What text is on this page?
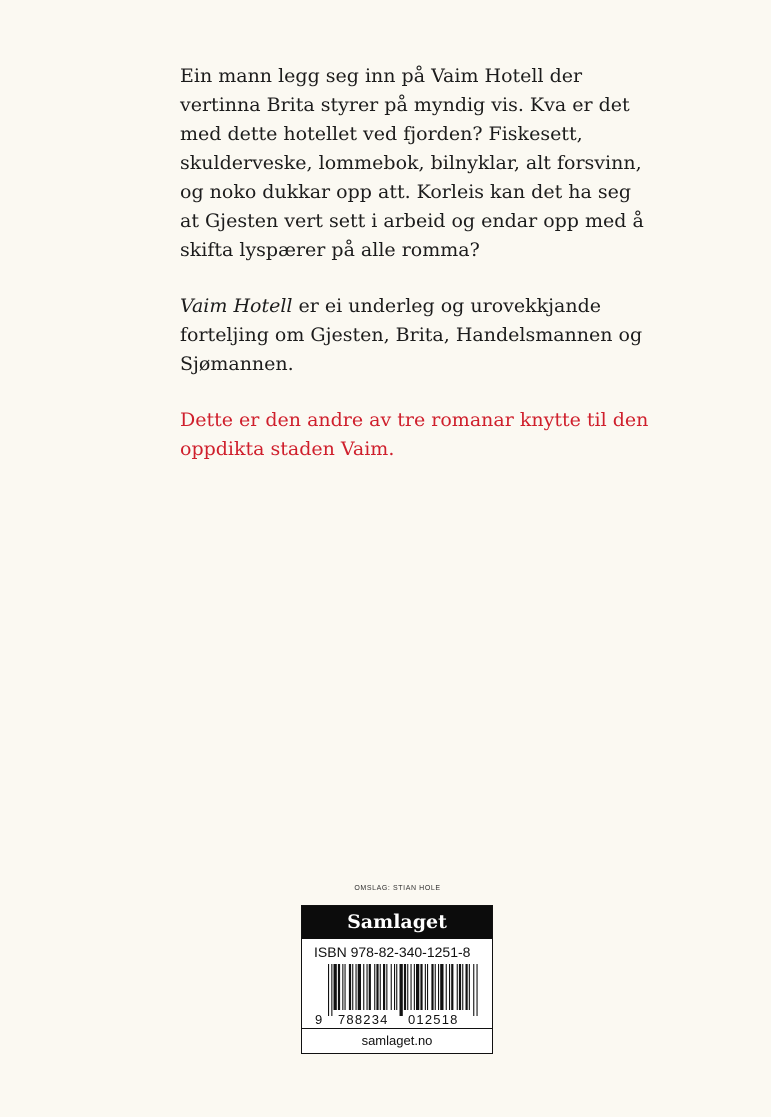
Ein mann legg seg inn på Vaim Hotell der vertinna Brita styrer på myndig vis. Kva er det med dette hotellet ved fjorden? Fiskesett, skulderveske, lommebok, bilnyklar, alt forsvinn, og noko dukkar opp att. Korleis kan det ha seg at Gjesten vert sett i arbeid og endar opp med å skifta lyspærer på alle romma?

Vaim Hotell er ei underleg og urovekkjande forteljing om Gjesten, Brita, Handelsmannen og Sjømannen.

Dette er den andre av tre romanar knytte til den oppdikta staden Vaim.

OMSLAG: STIAN HOLE
Samlaget
ISBN 978-82-340-1251-8
9 788234 012518
samlaget.no
